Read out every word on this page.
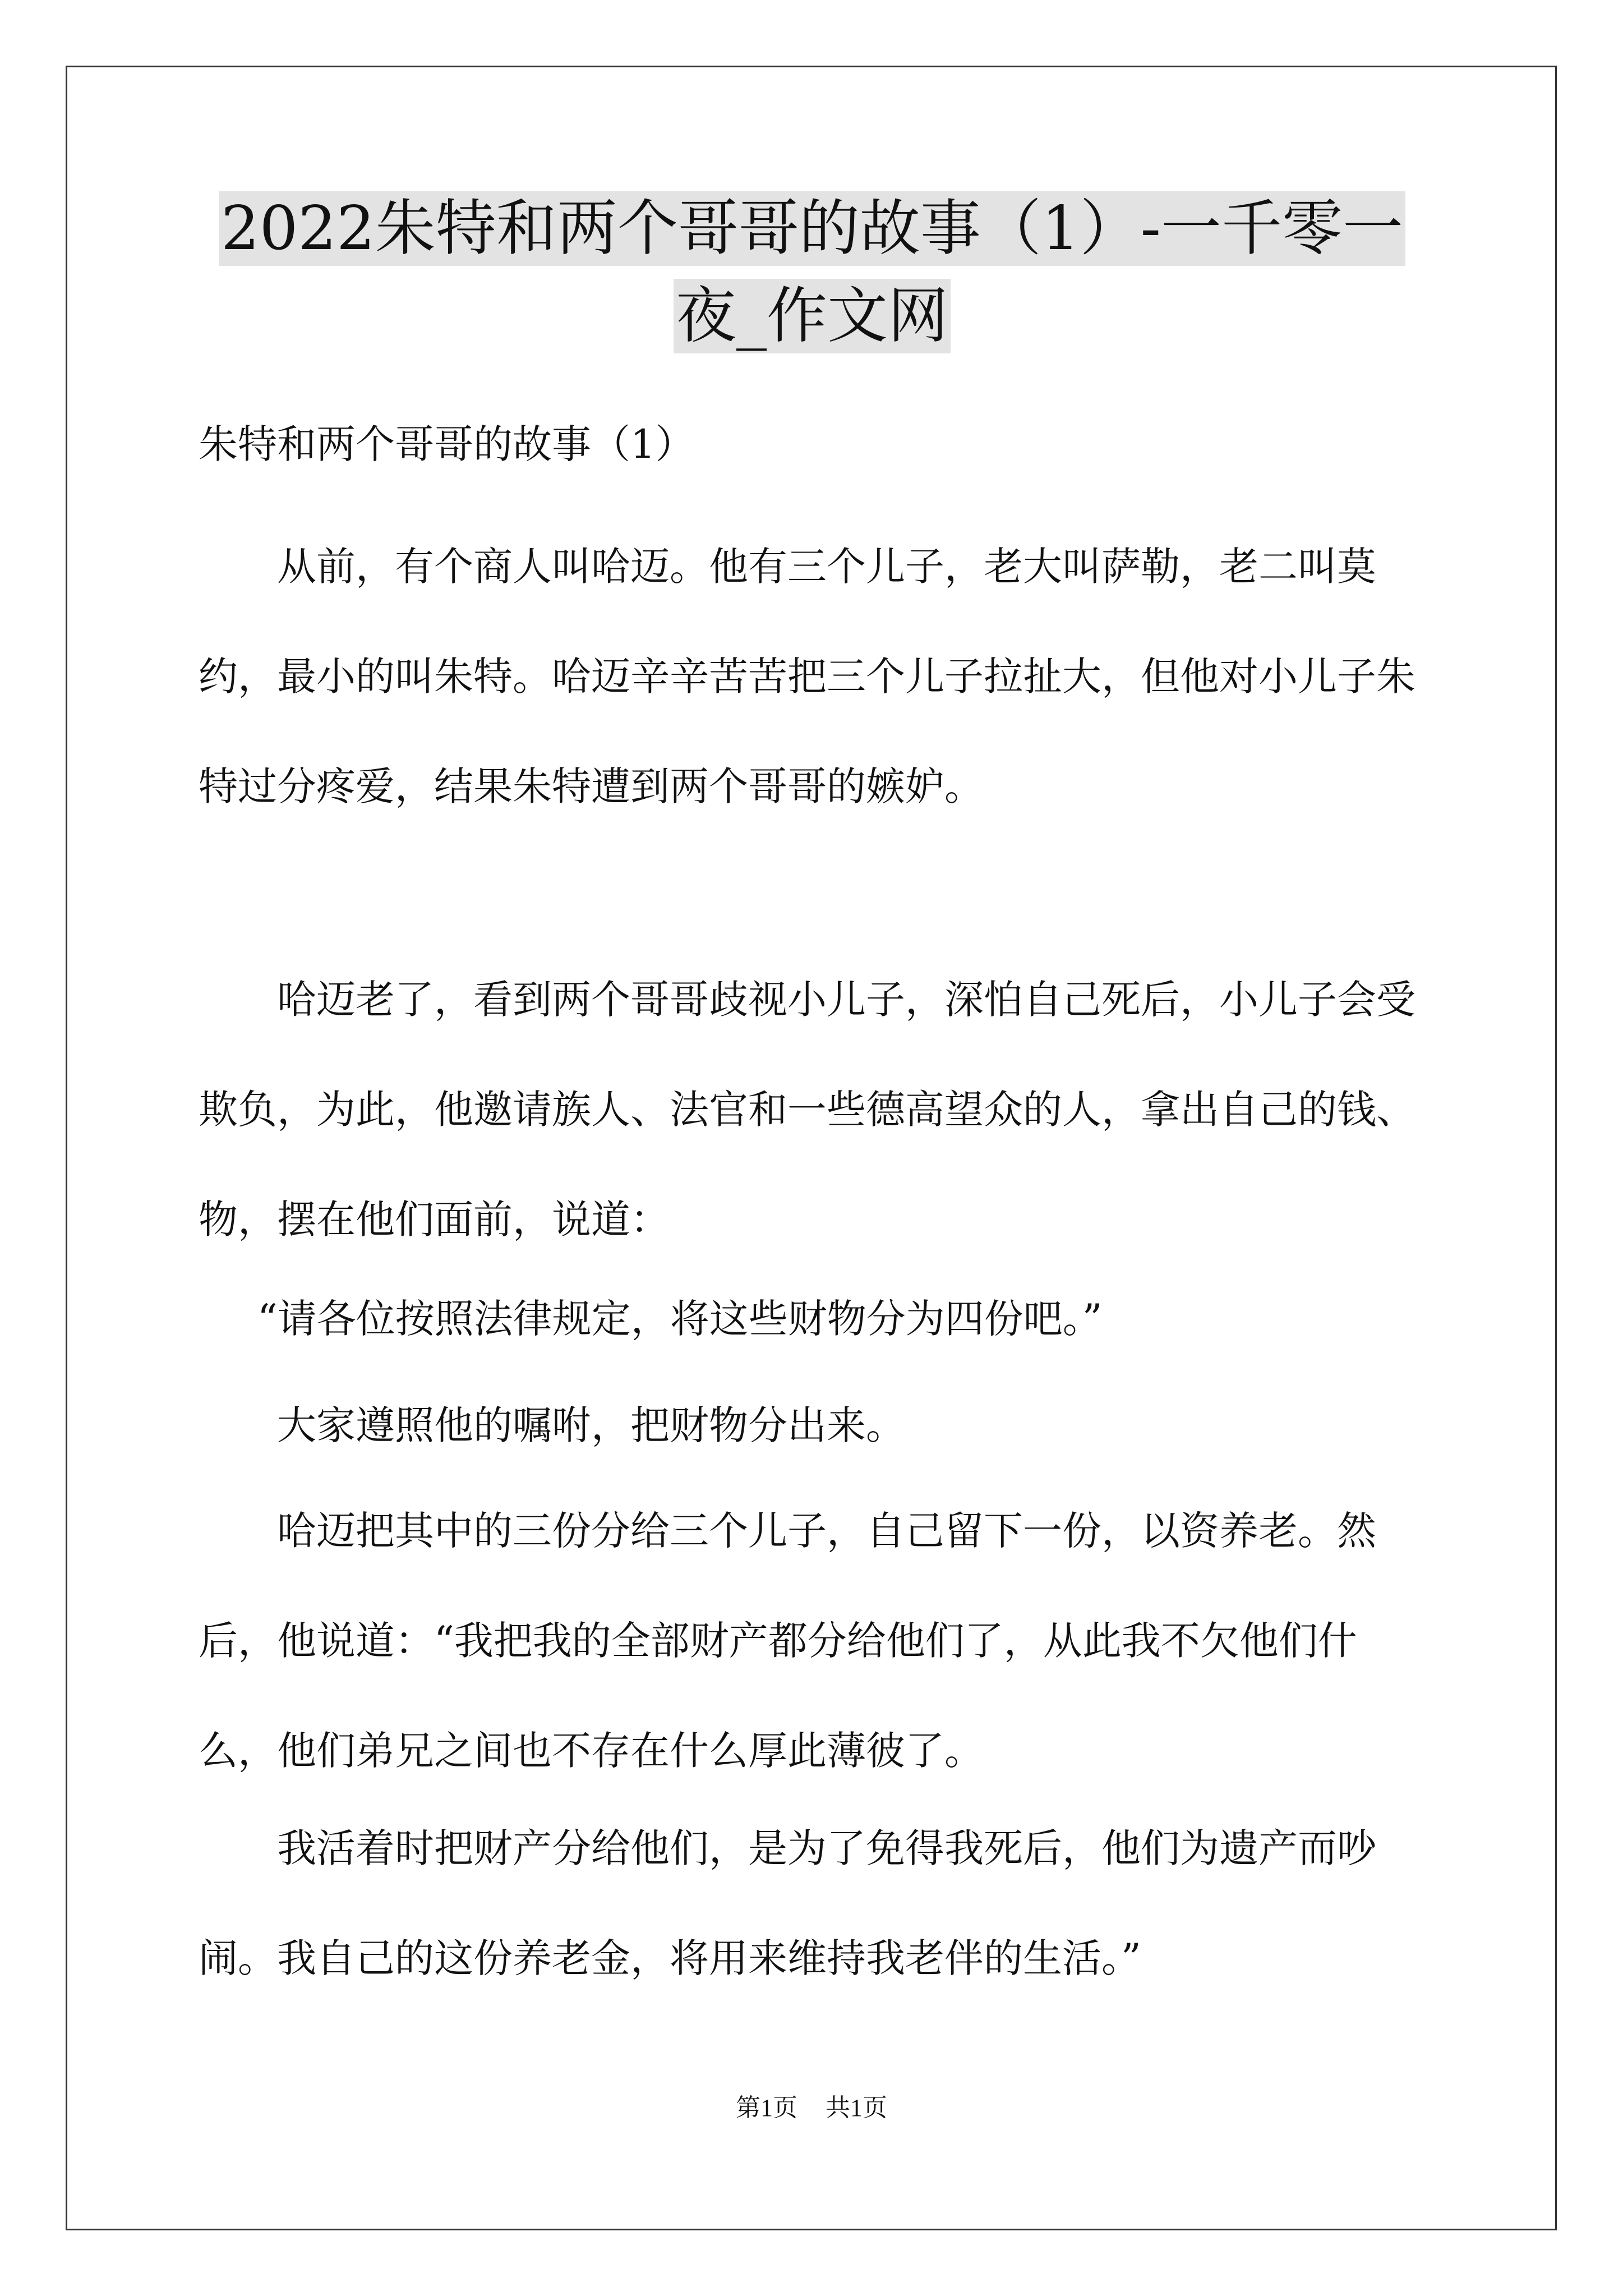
2022朱特和两个哥哥的故事（1）-一千零一夜_作文网

朱特和两个哥哥的故事（1）

从前，有个商人叫哈迈。他有三个儿子，老大叫萨勒，老二叫莫约，最小的叫朱特。哈迈辛辛苦苦把三个儿子拉扯大，但他对小儿子朱特过分疼爱，结果朱特遭到两个哥哥的嫉妒。

哈迈老了，看到两个哥哥歧视小儿子，深怕自己死后，小儿子会受欺负，为此，他邀请族人、法官和一些德高望众的人，拿出自己的钱、物，摆在他们面前，说道：

“请各位按照法律规定，将这些财物分为四份吧。”

大家遵照他的嘱咐，把财物分出来。

哈迈把其中的三份分给三个儿子，自己留下一份，以资养老。然后，他说道：“我把我的全部财产都分给他们了，从此我不欠他们什么，他们弟兄之间也不存在什么厚此薄彼了。

我活着时把财产分给他们，是为了免得我死后，他们为遗产而吵闹。我自己的这份养老金，将用来维持我老伴的生活。”

第1页 共1页
